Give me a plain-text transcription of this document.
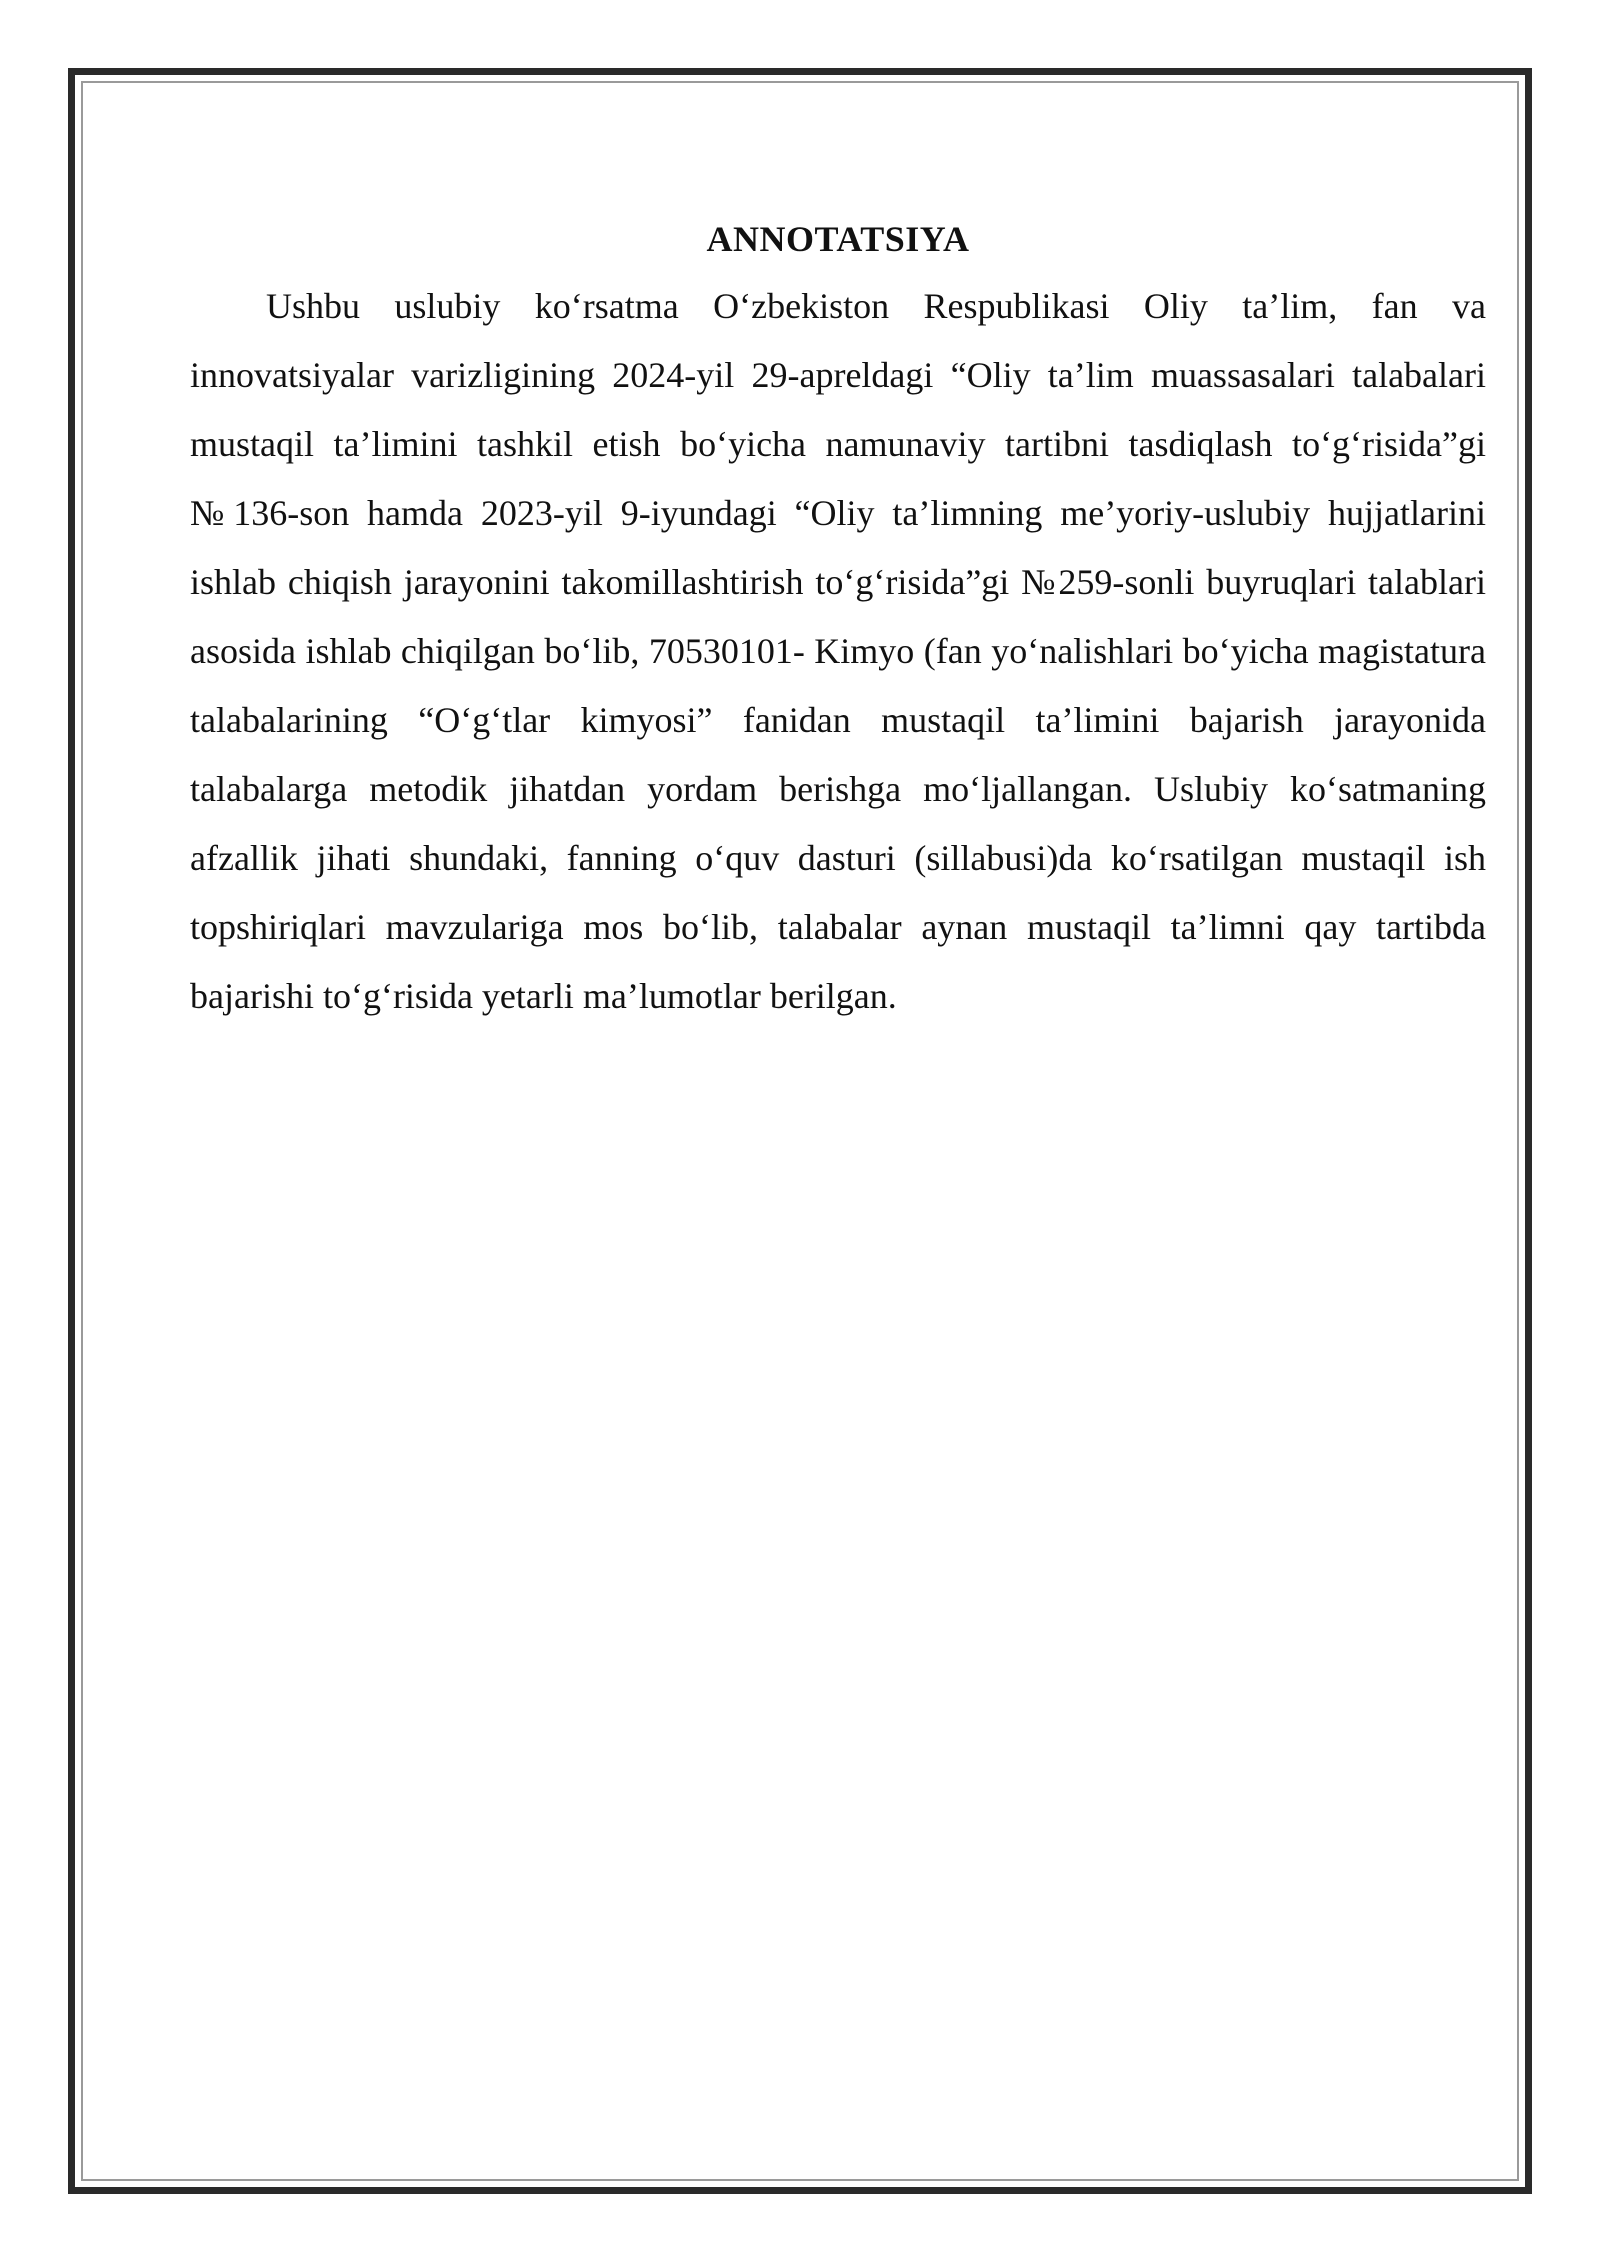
ANNOTATSIYA

Ushbu uslubiy ko‘rsatma O‘zbekiston Respublikasi Oliy ta’lim, fan va innovatsiyalar varizligining 2024-yil 29-apreldagi “Oliy ta’lim muassasalari talabalari mustaqil ta’limini tashkil etish bo‘yicha namunaviy tartibni tasdiqlash to‘g‘risida”gi №136-son hamda 2023-yil 9-iyundagi “Oliy ta’limning me’yoriy-uslubiy hujjatlarini ishlab chiqish jarayonini takomillashtirish to‘g‘risida”gi №259-sonli buyruqlari talablari asosida ishlab chiqilgan bo‘lib, 70530101- Kimyo (fan yo‘nalishlari bo‘yicha magistatura talabalarining “O‘g‘tlar kimyosi” fanidan mustaqil ta’limini bajarish jarayonida talabalarga metodik jihatdan yordam berishga mo‘ljallangan. Uslubiy ko‘satmaning afzallik jihati shundaki, fanning o‘quv dasturi (sillabusi)da ko‘rsatilgan mustaqil ish topshiriqlari mavzulariga mos bo‘lib, talabalar aynan mustaqil ta’limni qay tartibda bajarishi to‘g‘risida yetarli ma’lumotlar berilgan.
